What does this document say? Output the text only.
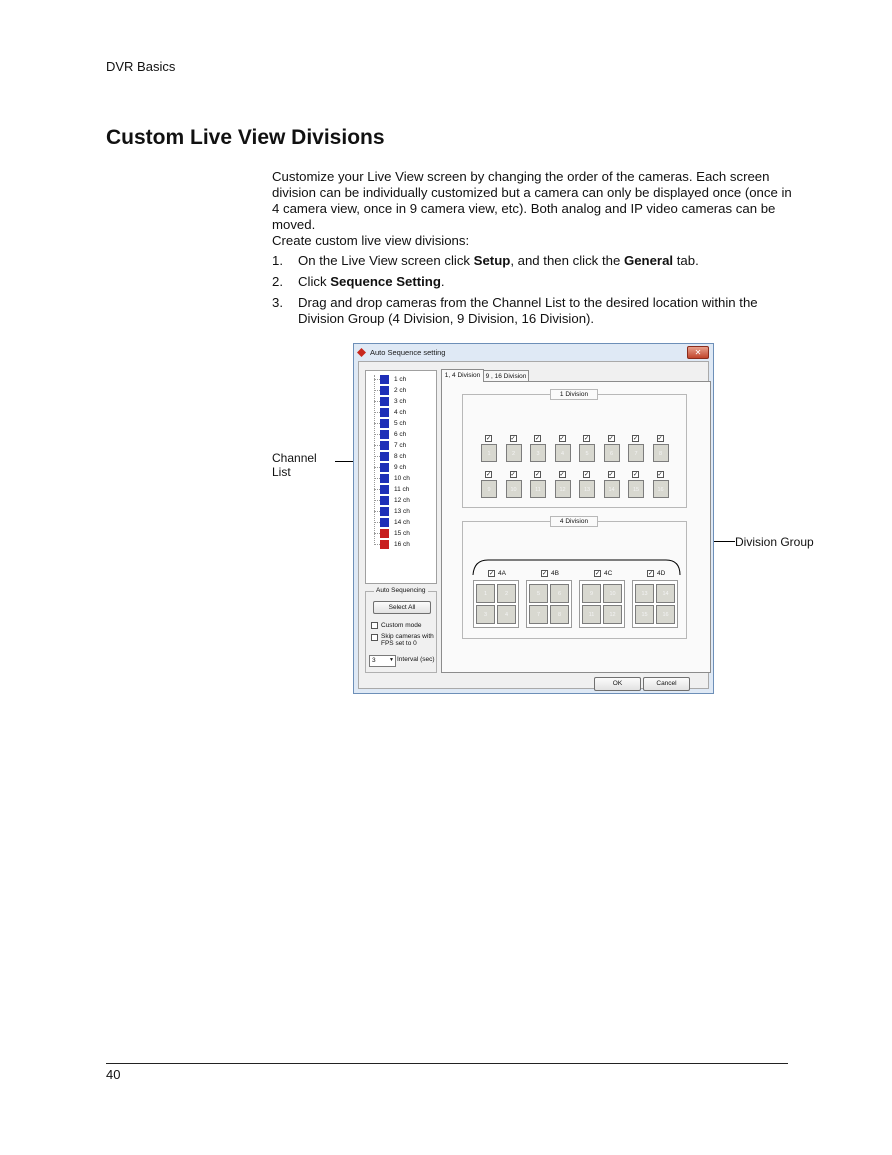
DVR Basics
Custom Live View Divisions

Customize your Live View screen by changing the order of the cameras. Each screen division can be individually customized but a camera can only be displayed once (once in 4 camera view, once in 9 camera view, etc). Both analog and IP video cameras can be moved.

Create custom live view divisions:

1. On the Live View screen click Setup, and then click the General tab.
2. Click Sequence Setting.
3. Drag and drop cameras from the Channel List to the desired location within the Division Group (4 Division, 9 Division, 16 Division).
Channel List
Division Group
Auto Sequence setting	✕
1 ch
2 ch
3 ch
4 ch
5 ch
6 ch
7 ch
8 ch
9 ch
10 ch
11 ch
12 ch
13 ch
14 ch
15 ch
16 ch
Auto Sequencing
Select All
Custom mode
Skip cameras with FPS set to 0
3	▼ Interval (sec)
1, 4 Division 9 , 16 Division
1 Division
✓
1
✓
2
✓
3
✓
4
✓
5
✓
6
✓
7
✓
8
✓
9
✓
10
✓
11
✓
12
✓
13
✓
14
✓
15
✓
16
4 Division
✓ 4A
1	2
3	4
✓ 4B
5	6
7	8
✓ 4C
9	10
11	12
✓ 4D
13	14
15	16
OK	Cancel
40
